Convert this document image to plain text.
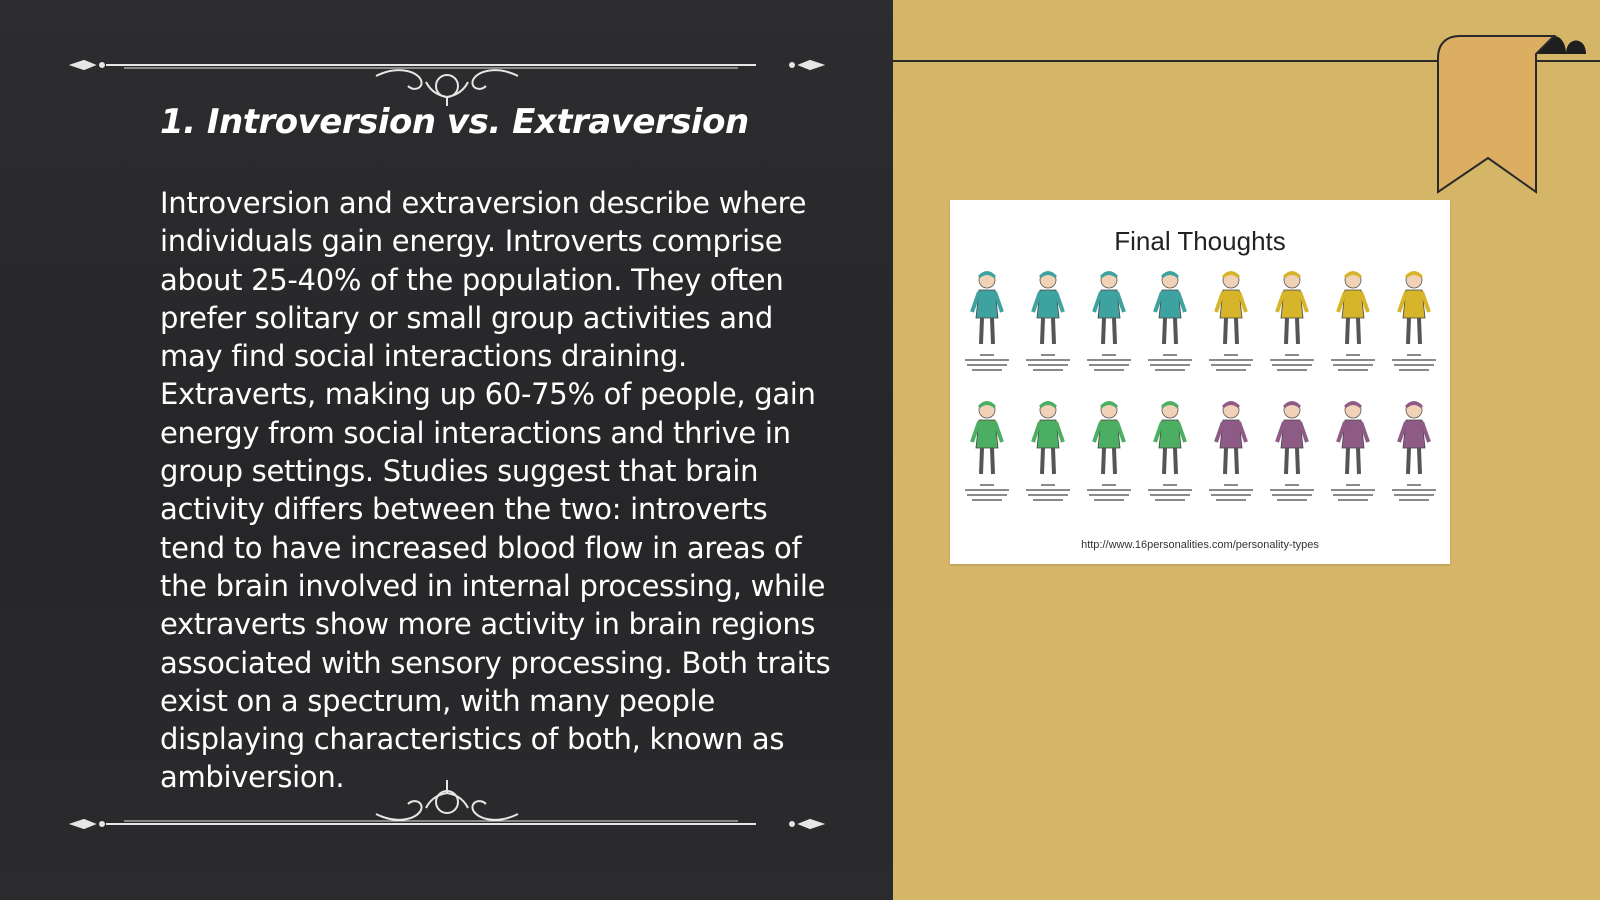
1. Introversion vs. Extraversion

Introversion and extraversion describe where individuals gain energy. Introverts comprise about 25-40% of the population. They often prefer solitary or small group activities and may find social interactions draining. Extraverts, making up 60-75% of people, gain energy from social interactions and thrive in group settings. Studies suggest that brain activity differs between the two: introverts tend to have increased blood flow in areas of the brain involved in internal processing, while extraverts show more activity in brain regions associated with sensory processing. Both traits exist on a spectrum, with many people displaying characteristics of both, known as ambiversion.

Final Thoughts
http://www.16personalities.com/personality-types
